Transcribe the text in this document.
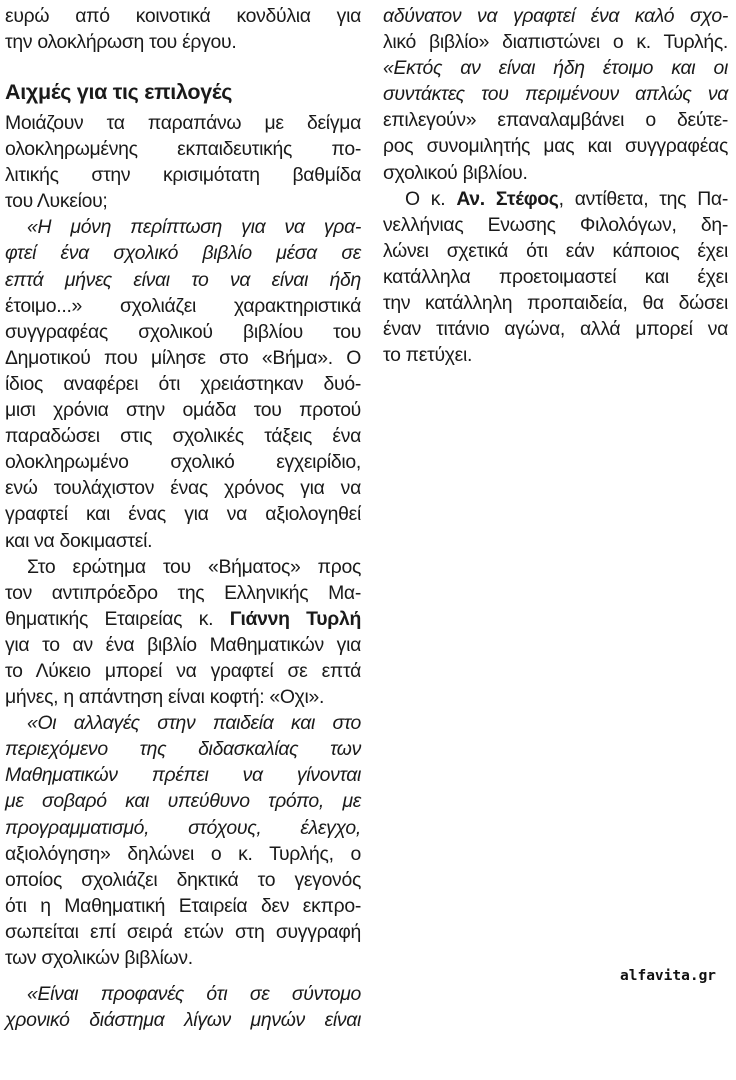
ευρώ από κοινοτικά κονδύλια για
την ολοκλήρωση του έργου.
Αιχμές για τις επιλογές
Μοιάζουν τα παραπάνω με δείγμα
ολοκληρωμένης εκπαιδευτικής πο-
λιτικής στην κρισιμότατη βαθμίδα
του Λυκείου;
«Η μόνη περίπτωση για να γρα-
φτεί ένα σχολικό βιβλίο μέσα σε
επτά μήνες είναι το να είναι ήδη
έτοιμο...» σχολιάζει χαρακτηριστικά
συγγραφέας σχολικού βιβλίου του
Δημοτικού που μίλησε στο «Βήμα». Ο
ίδιος αναφέρει ότι χρειάστηκαν δυό-
μισι χρόνια στην ομάδα του προτού
παραδώσει στις σχολικές τάξεις ένα
ολοκληρωμένο σχολικό εγχειρίδιο,
ενώ τουλάχιστον ένας χρόνος για να
γραφτεί και ένας για να αξιολογηθεί
και να δοκιμαστεί.
Στο ερώτημα του «Βήματος» προς
τον αντιπρόεδρο της Ελληνικής Μα-
θηματικής Εταιρείας κ. Γιάννη Τυρλή
για το αν ένα βιβλίο Μαθηματικών για
το Λύκειο μπορεί να γραφτεί σε επτά
μήνες, η απάντηση είναι κοφτή: «Οχι».
«Οι αλλαγές στην παιδεία και στο
περιεχόμενο της διδασκαλίας των
Μαθηματικών πρέπει να γίνονται
με σοβαρό και υπεύθυνο τρόπο, με
προγραμματισμό, στόχους, έλεγχο,
αξιολόγηση» δηλώνει ο κ. Τυρλής, ο
οποίος σχολιάζει δηκτικά το γεγονός
ότι η Μαθηματική Εταιρεία δεν εκπρο-
σωπείται επί σειρά ετών στη συγγραφή
των σχολικών βιβλίων.
«Είναι προφανές ότι σε σύντομο
χρονικό διάστημα λίγων μηνών είναι
αδύνατον να γραφτεί ένα καλό σχο-
λικό βιβλίο» διαπιστώνει ο κ. Τυρλής.
«Εκτός αν είναι ήδη έτοιμο και οι
συντάκτες του περιμένουν απλώς να
επιλεγούν» επαναλαμβάνει ο δεύτε-
ρος συνομιλητής μας και συγγραφέας
σχολικού βιβλίου.
Ο κ. Αν. Στέφος, αντίθετα, της Πα-
νελλήνιας Ενωσης Φιλολόγων, δη-
λώνει σχετικά ότι εάν κάποιος έχει
κατάλληλα προετοιμαστεί και έχει
την κατάλληλη προπαιδεία, θα δώσει
έναν τιτάνιο αγώνα, αλλά μπορεί να
το πετύχει.
alfavita.gr
